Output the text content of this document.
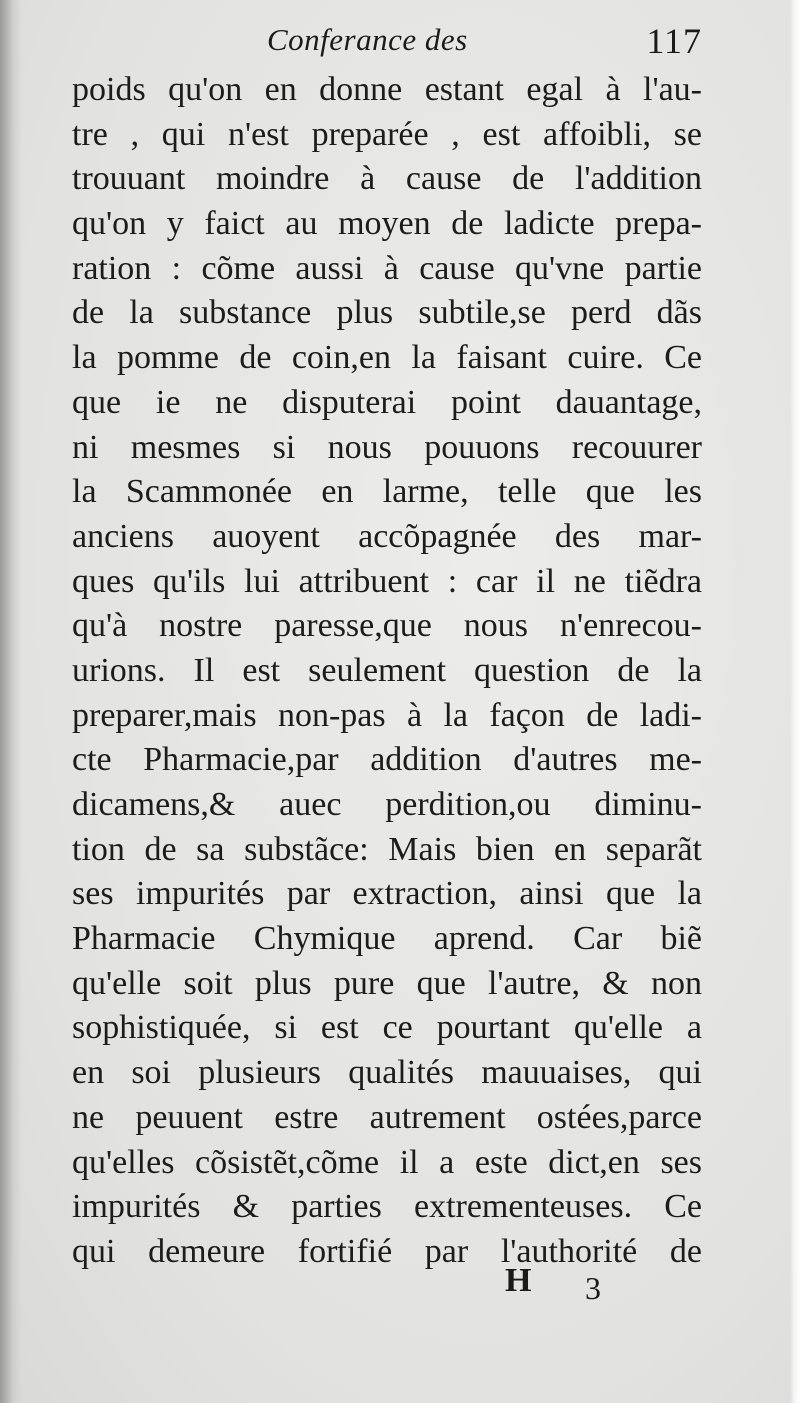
Conferance des	117
poids qu'on en donne estant egal à l'au-
tre , qui n'est preparée , est affoibli, se
trouuant moindre à cause de l'addition
qu'on y faict au moyen de ladicte prepa-
ration : cõme aussi à cause qu'vne partie
de la substance plus subtile,se perd dãs
la pomme de coin,en la faisant cuire. Ce
que ie ne disputerai point dauantage,
ni mesmes si nous pouuons recouurer
la Scammonée en larme, telle que les
anciens auoyent accõpagnée des mar-
ques qu'ils lui attribuent : car il ne tiẽdra
qu'à nostre paresse,que nous n'enrecou-
urions. Il est seulement question de la
preparer,mais non-pas à la façon de ladi-
cte Pharmacie,par addition d'autres me-
dicamens,& auec perdition,ou diminu-
tion de sa substãce: Mais bien en separãt
ses impurités par extraction, ainsi que la
Pharmacie Chymique aprend. Car biẽ
qu'elle soit plus pure que l'autre, & non
sophistiquée, si est ce pourtant qu'elle a
en soi plusieurs qualités mauuaises, qui
ne peuuent estre autrement ostées,parce
qu'elles cõsistẽt,cõme il a este dict,en ses
impurités & parties extrementeuses. Ce
qui demeure fortifié par l'authorité de
H 3
